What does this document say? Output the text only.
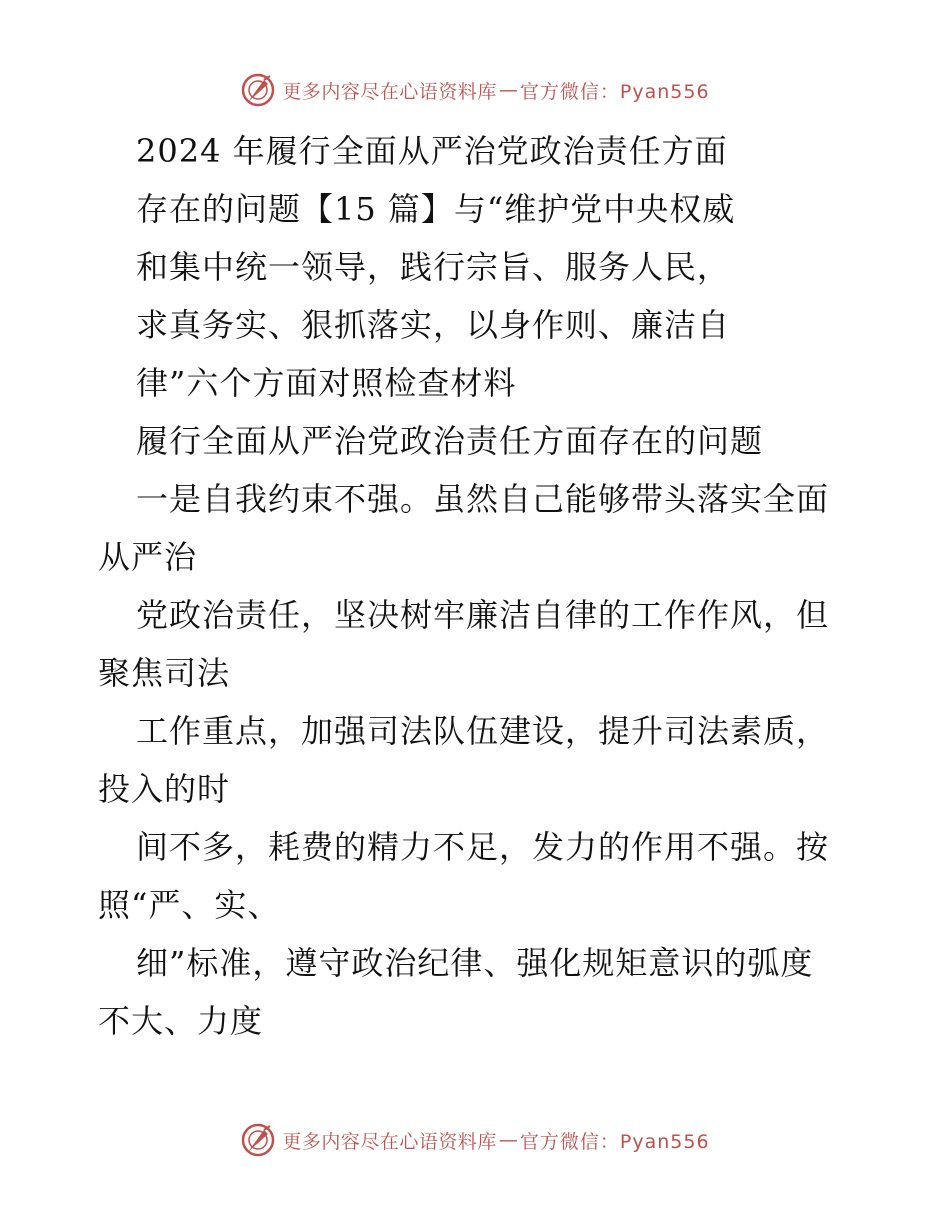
更多内容尽在心语资料库 — 官方微信：Pyan556
2024 年履行全面从严治党政治责任方面
存在的问题【15 篇】与“维护党中央权威
和集中统一领导，践行宗旨、服务人民，
求真务实、狠抓落实，以身作则、廉洁自
律”六个方面对照检查材料
履行全面从严治党政治责任方面存在的问题
一是自我约束不强。虽然自己能够带头落实全面
从严治
党政治责任，坚决树牢廉洁自律的工作作风，但
聚焦司法
工作重点，加强司法队伍建设，提升司法素质，
投入的时
间不多，耗费的精力不足，发力的作用不强。按
照“严、实、
细”标准，遵守政治纪律、强化规矩意识的弧度
不大、力度
更多内容尽在心语资料库 — 官方微信：Pyan556
